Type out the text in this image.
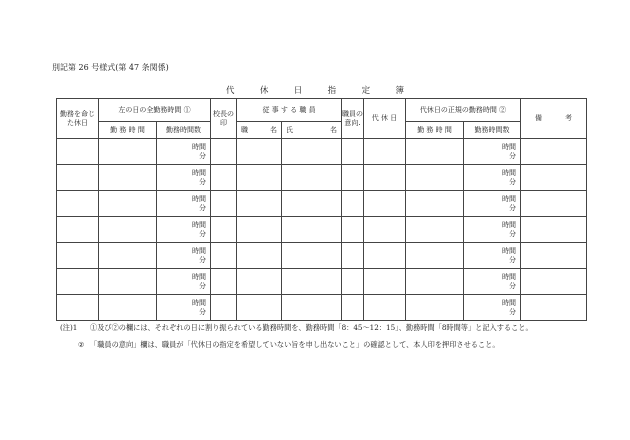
別記第 26 号様式(第 47 条関係)
代	休	日	指	定	簿
勤務を命じた休日	左の日の全勤務時間 ①		校長の印	従 事 す る 職 員		職員の意向.	代 休 日	代休日の正規の勤務時間 ②		備 考

	勤 務 時 間	勤務時間数		職 名	氏 名			勤 務 時 間	勤務時間数	

		時間
分							時間
分	

		時間
分							時間
分	

		時間
分							時間
分	

		時間
分							時間
分	

		時間
分							時間
分	

		時間
分							時間
分	

		時間
分							時間
分	

(注)1 ①及び②の欄には、それぞれの日に割り振られている勤務時間を、勤務時間「8：45～12：15」、勤務時間「8時間等」と記入すること。
② 「職員の意向」欄は、職員が「代休日の指定を希望していない旨を申し出ないこと」の確認として、本人印を押印させること。
